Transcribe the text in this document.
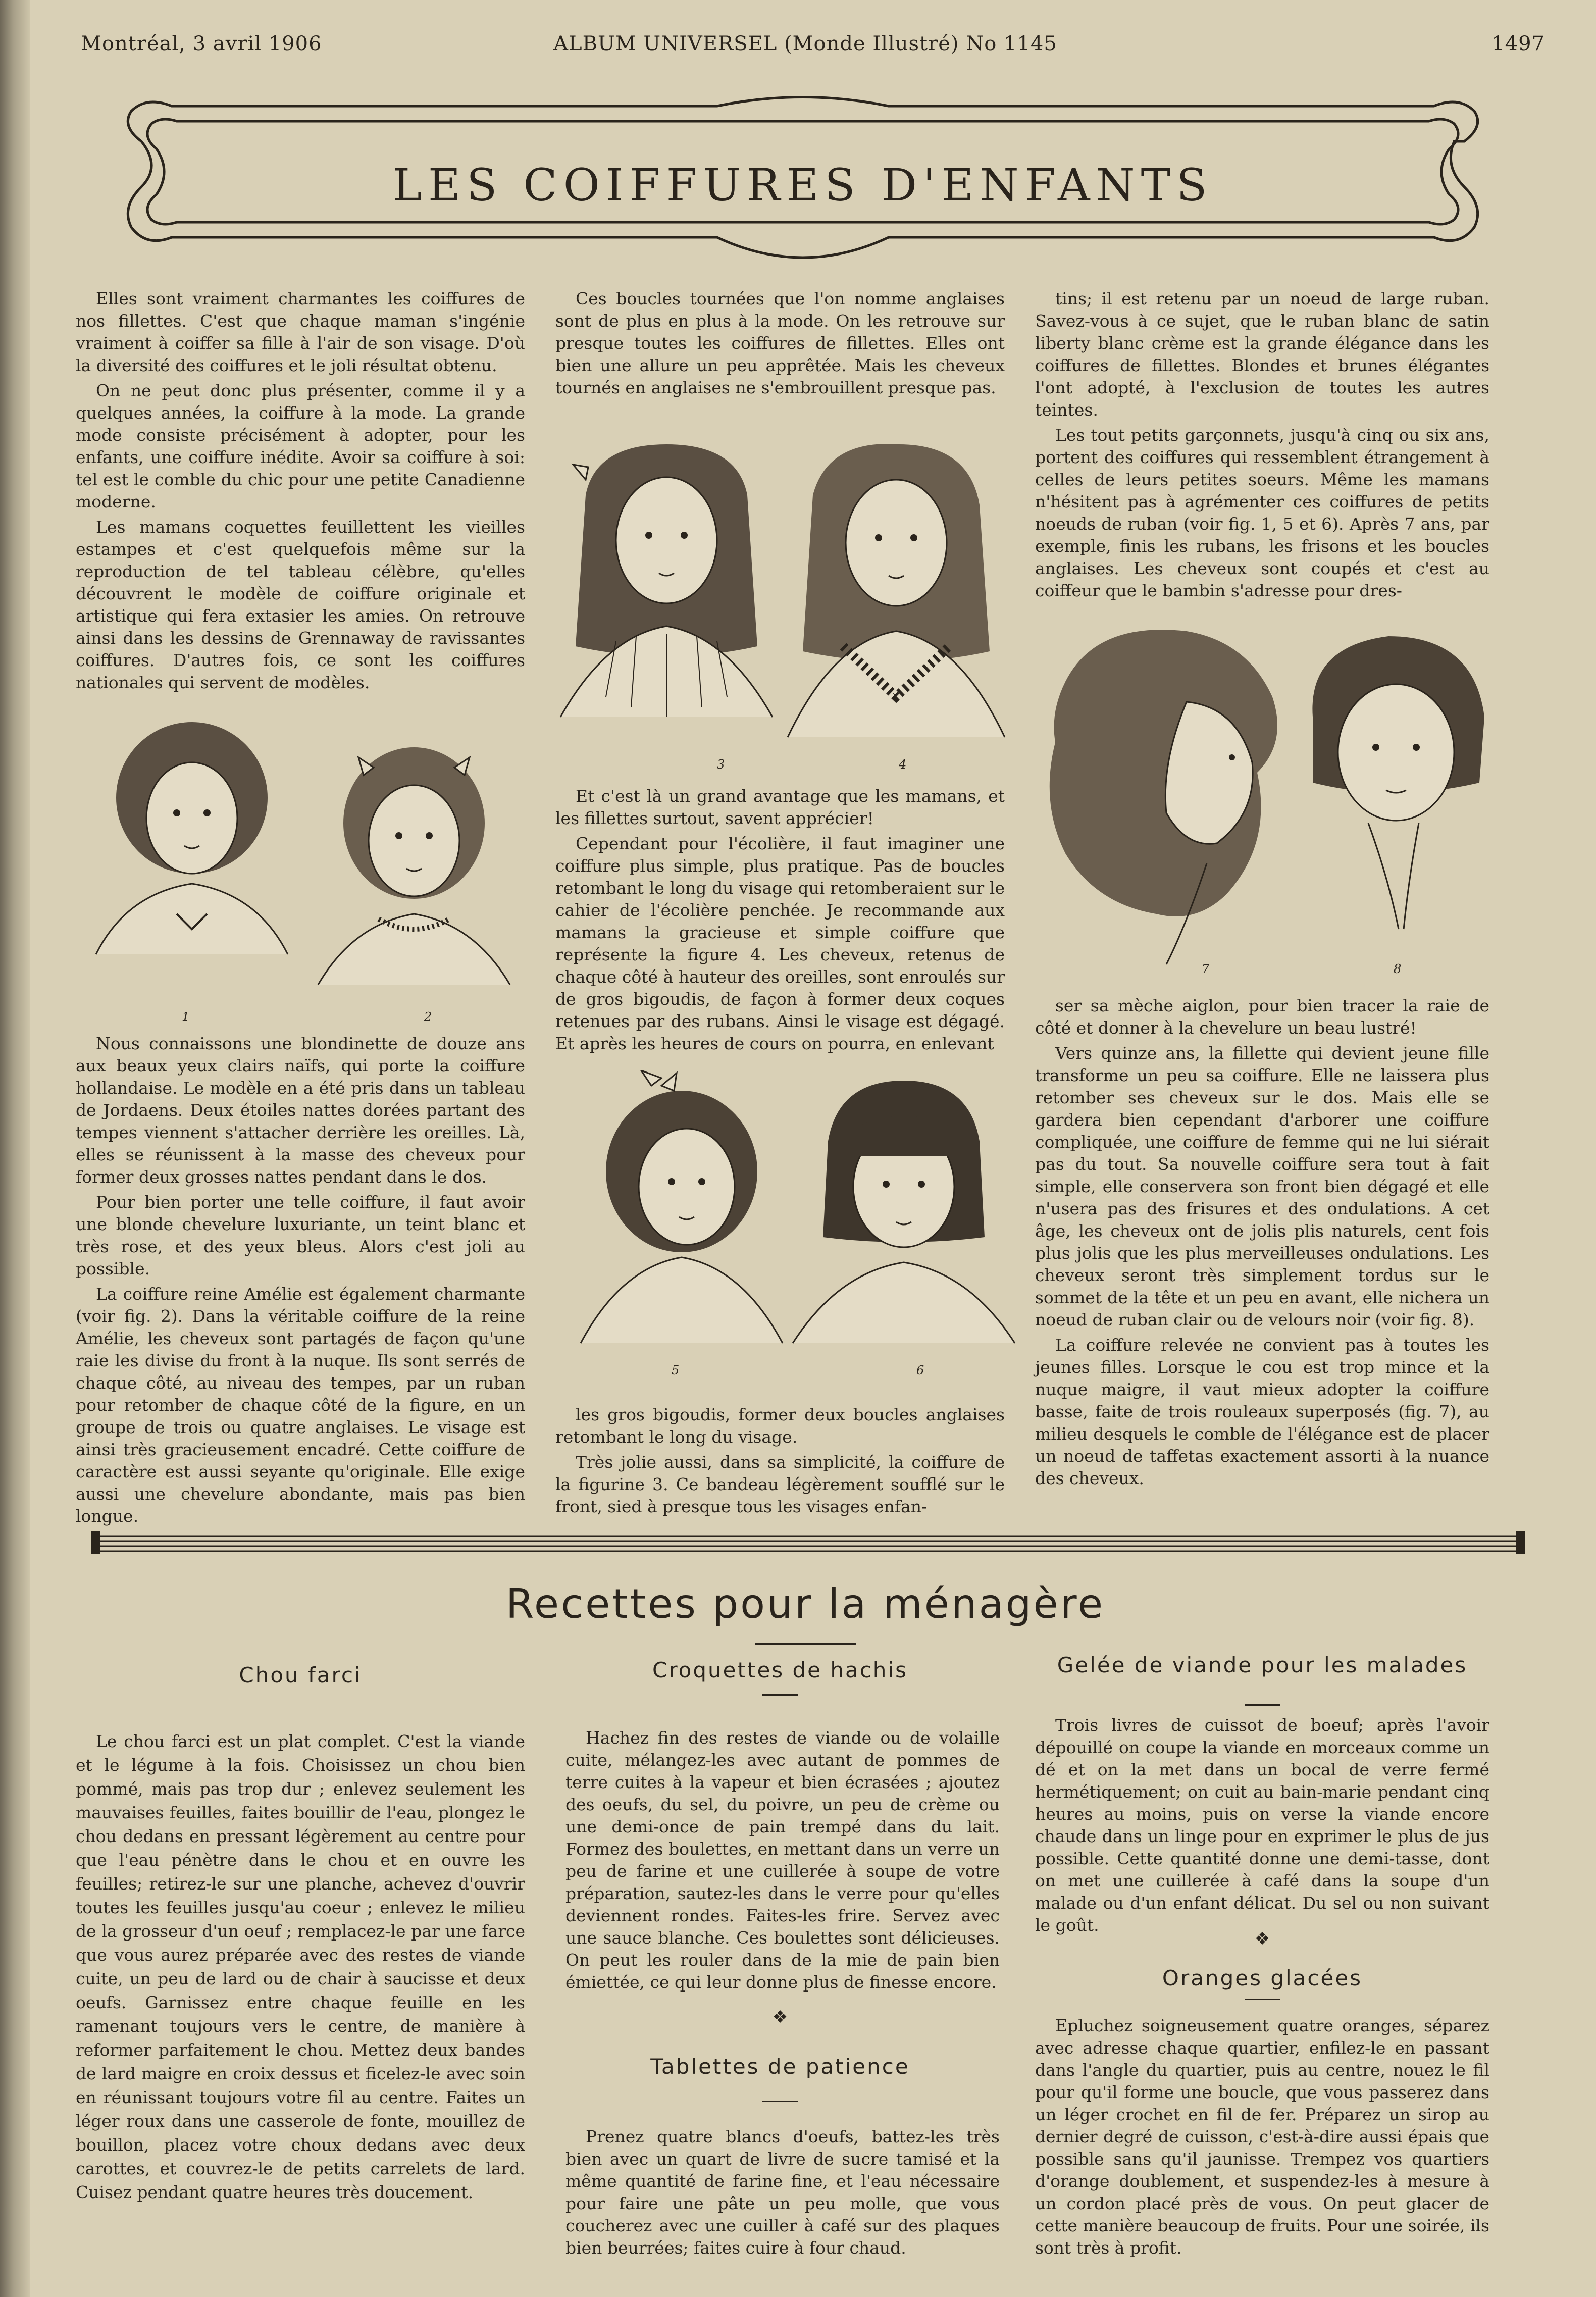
Montréal, 3 avril 1906	ALBUM UNIVERSEL (Monde Illustré) No 1145	1497
LES COIFFURES D'ENFANTS

Elles sont vraiment charmantes les coiffures de nos fillettes. C'est que chaque maman s'ingénie vraiment à coiffer sa fille à l'air de son visage. D'où la diversité des coiffures et le joli résultat obtenu.

On ne peut donc plus présenter, comme il y a quelques années, la coiffure à la mode. La grande mode consiste précisément à adopter, pour les enfants, une coiffure inédite. Avoir sa coiffure à soi: tel est le comble du chic pour une petite Canadienne moderne.

Les mamans coquettes feuillettent les vieilles estampes et c'est quelquefois même sur la reproduction de tel tableau célèbre, qu'elles découvrent le modèle de coiffure originale et artistique qui fera extasier les amies. On retrouve ainsi dans les dessins de Grennaway de ravissantes coiffures. D'autres fois, ce sont les coiffures nationales qui servent de modèles.

1	2

Nous connaissons une blondinette de douze ans aux beaux yeux clairs naïfs, qui porte la coiffure hollandaise. Le modèle en a été pris dans un tableau de Jordaens. Deux étoiles nattes dorées partant des tempes viennent s'attacher derrière les oreilles. Là, elles se réunissent à la masse des cheveux pour former deux grosses nattes pendant dans le dos.

Pour bien porter une telle coiffure, il faut avoir une blonde chevelure luxuriante, un teint blanc et très rose, et des yeux bleus. Alors c'est joli au possible.

La coiffure reine Amélie est également charmante (voir fig. 2). Dans la véritable coiffure de la reine Amélie, les cheveux sont partagés de façon qu'une raie les divise du front à la nuque. Ils sont serrés de chaque côté, au niveau des tempes, par un ruban pour retomber de chaque côté de la figure, en un groupe de trois ou quatre anglaises. Le visage est ainsi très gracieusement encadré. Cette coiffure de caractère est aussi seyante qu'originale. Elle exige aussi une chevelure abondante, mais pas bien longue.

Ces boucles tournées que l'on nomme anglaises sont de plus en plus à la mode. On les retrouve sur presque toutes les coiffures de fillettes. Elles ont bien une allure un peu apprêtée. Mais les cheveux tournés en anglaises ne s'embrouillent presque pas.

3	4

Et c'est là un grand avantage que les mamans, et les fillettes surtout, savent apprécier!

Cependant pour l'écolière, il faut imaginer une coiffure plus simple, plus pratique. Pas de boucles retombant le long du visage qui retomberaient sur le cahier de l'écolière penchée. Je recommande aux mamans la gracieuse et simple coiffure que représente la figure 4. Les cheveux, retenus de chaque côté à hauteur des oreilles, sont enroulés sur de gros bigoudis, de façon à former deux coques retenues par des rubans. Ainsi le visage est dégagé. Et après les heures de cours on pourra, en enlevant

5	6

les gros bigoudis, former deux boucles anglaises retombant le long du visage.

Très jolie aussi, dans sa simplicité, la coiffure de la figurine 3. Ce bandeau légèrement soufflé sur le front, sied à presque tous les visages enfan-

tins; il est retenu par un noeud de large ruban. Savez-vous à ce sujet, que le ruban blanc de satin liberty blanc crème est la grande élégance dans les coiffures de fillettes. Blondes et brunes élégantes l'ont adopté, à l'exclusion de toutes les autres teintes.

Les tout petits garçonnets, jusqu'à cinq ou six ans, portent des coiffures qui ressemblent étrangement à celles de leurs petites soeurs. Même les mamans n'hésitent pas à agrémenter ces coiffures de petits noeuds de ruban (voir fig. 1, 5 et 6). Après 7 ans, par exemple, finis les rubans, les frisons et les boucles anglaises. Les cheveux sont coupés et c'est au coiffeur que le bambin s'adresse pour dres-

7	8

ser sa mèche aiglon, pour bien tracer la raie de côté et donner à la chevelure un beau lustré!

Vers quinze ans, la fillette qui devient jeune fille transforme un peu sa coiffure. Elle ne laissera plus retomber ses cheveux sur le dos. Mais elle se gardera bien cependant d'arborer une coiffure compliquée, une coiffure de femme qui ne lui siérait pas du tout. Sa nouvelle coiffure sera tout à fait simple, elle conservera son front bien dégagé et elle n'usera pas des frisures et des ondulations. A cet âge, les cheveux ont de jolis plis naturels, cent fois plus jolis que les plus merveilleuses ondulations. Les cheveux seront très simplement tordus sur le sommet de la tête et un peu en avant, elle nichera un noeud de ruban clair ou de velours noir (voir fig. 8).

La coiffure relevée ne convient pas à toutes les jeunes filles. Lorsque le cou est trop mince et la nuque maigre, il vaut mieux adopter la coiffure basse, faite de trois rouleaux superposés (fig. 7), au milieu desquels le comble de l'élégance est de placer un noeud de taffetas exactement assorti à la nuance des cheveux.

Recettes pour la ménagère
Chou farci
Le chou farci est un plat complet. C'est la viande et le légume à la fois. Choisissez un chou bien pommé, mais pas trop dur ; enlevez seulement les mauvaises feuilles, faites bouillir de l'eau, plongez le chou dedans en pressant légèrement au centre pour que l'eau pénètre dans le chou et en ouvre les feuilles; retirez-le sur une planche, achevez d'ouvrir toutes les feuilles jusqu'au coeur ; enlevez le milieu de la grosseur d'un oeuf ; remplacez-le par une farce que vous aurez préparée avec des restes de viande cuite, un peu de lard ou de chair à saucisse et deux oeufs. Garnissez entre chaque feuille en les ramenant toujours vers le centre, de manière à reformer parfaitement le chou. Mettez deux bandes de lard maigre en croix dessus et ficelez-le avec soin en réunissant toujours votre fil au centre. Faites un léger roux dans une casserole de fonte, mouillez de bouillon, placez votre choux dedans avec deux carottes, et couvrez-le de petits carrelets de lard. Cuisez pendant quatre heures très doucement.
Croquettes de hachis
Hachez fin des restes de viande ou de volaille cuite, mélangez-les avec autant de pommes de terre cuites à la vapeur et bien écrasées ; ajoutez des oeufs, du sel, du poivre, un peu de crème ou une demi-once de pain trempé dans du lait. Formez des boulettes, en mettant dans un verre un peu de farine et une cuillerée à soupe de votre préparation, sautez-les dans le verre pour qu'elles deviennent rondes. Faites-les frire. Servez avec une sauce blanche. Ces boulettes sont délicieuses. On peut les rouler dans de la mie de pain bien émiettée, ce qui leur donne plus de finesse encore.
❖
Tablettes de patience
Prenez quatre blancs d'oeufs, battez-les très bien avec un quart de livre de sucre tamisé et la même quantité de farine fine, et l'eau nécessaire pour faire une pâte un peu molle, que vous coucherez avec une cuiller à café sur des plaques bien beurrées; faites cuire à four chaud.
Gelée de viande pour les malades
Trois livres de cuissot de boeuf; après l'avoir dépouillé on coupe la viande en morceaux comme un dé et on la met dans un bocal de verre fermé hermétiquement; on cuit au bain-marie pendant cinq heures au moins, puis on verse la viande encore chaude dans un linge pour en exprimer le plus de jus possible. Cette quantité donne une demi-tasse, dont on met une cuillerée à café dans la soupe d'un malade ou d'un enfant délicat. Du sel ou non suivant le goût.
❖
Oranges glacées
Epluchez soigneusement quatre oranges, séparez avec adresse chaque quartier, enfilez-le en passant dans l'angle du quartier, puis au centre, nouez le fil pour qu'il forme une boucle, que vous passerez dans un léger crochet en fil de fer. Préparez un sirop au dernier degré de cuisson, c'est-à-dire aussi épais que possible sans qu'il jaunisse. Trempez vos quartiers d'orange doublement, et suspendez-les à mesure à un cordon placé près de vous. On peut glacer de cette manière beaucoup de fruits. Pour une soirée, ils sont très à profit.
